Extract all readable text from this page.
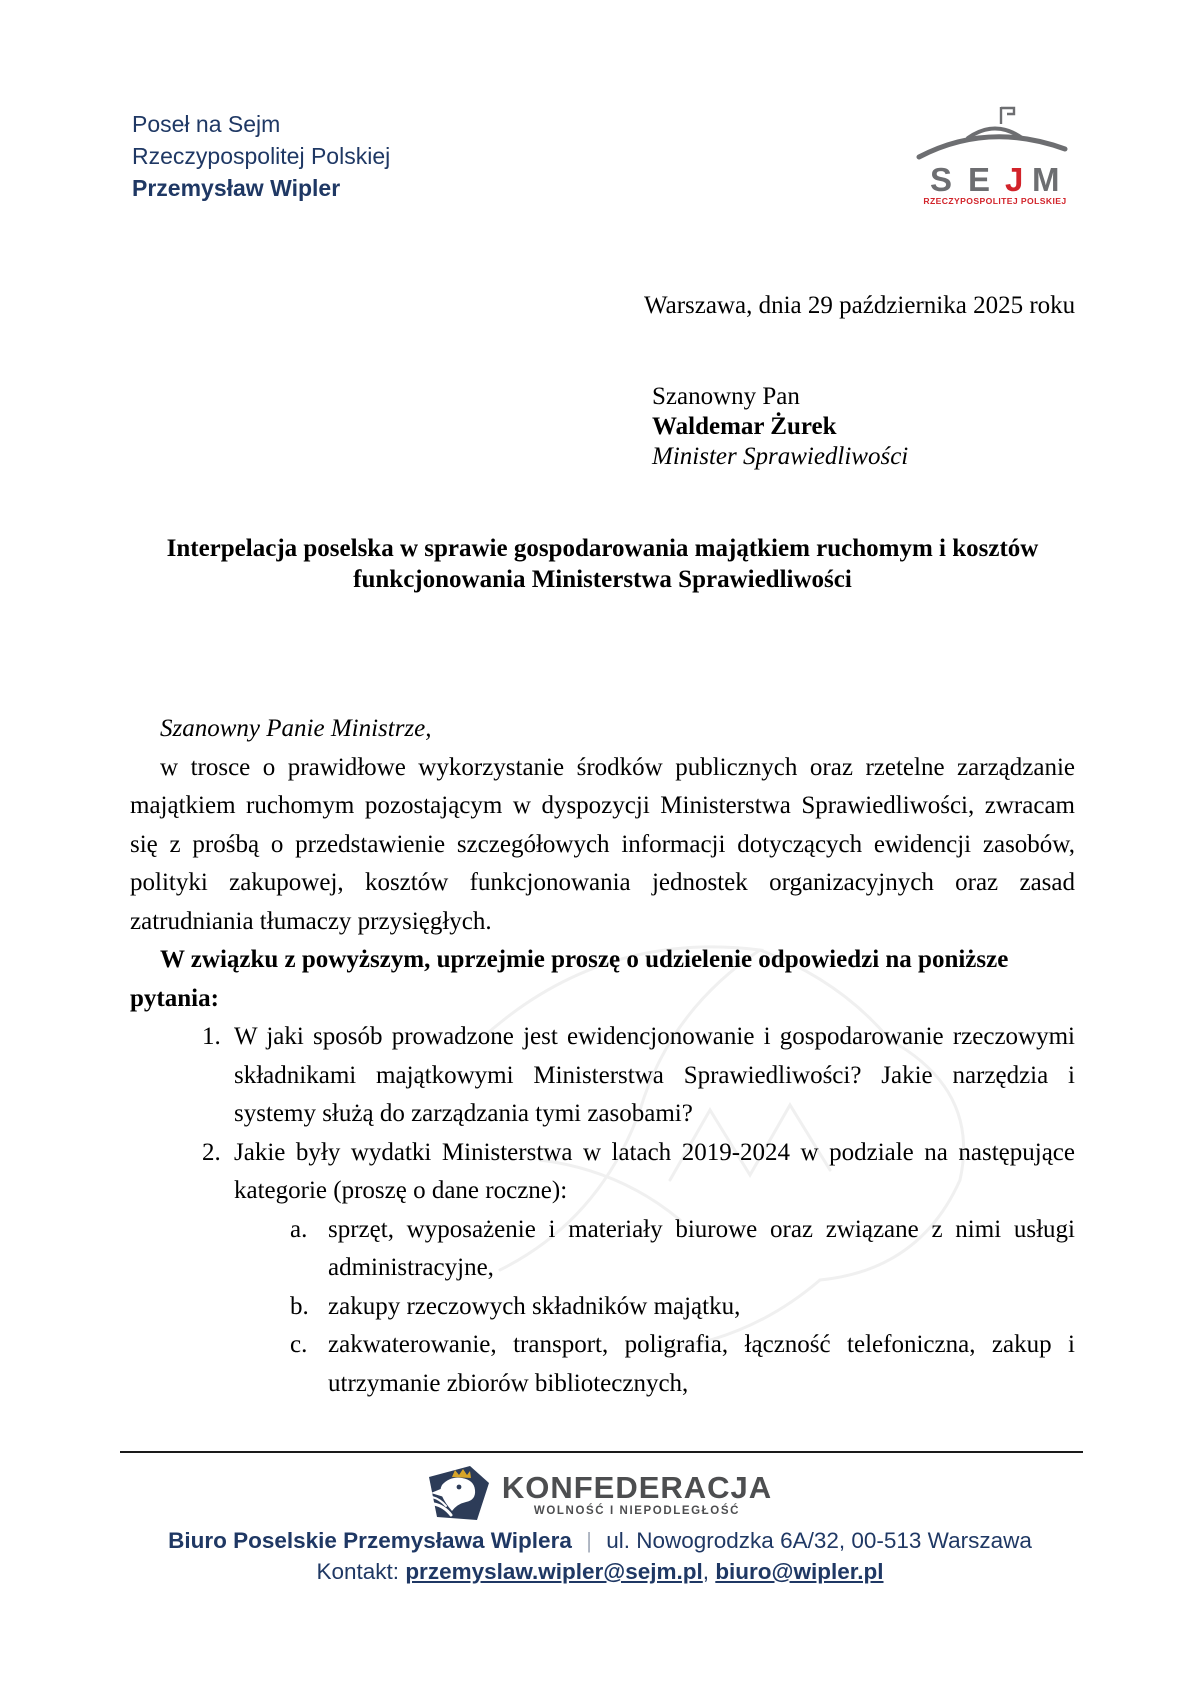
Poseł na Sejm
Rzeczypospolitej Polskiej
Przemysław Wipler	S E J M
RZECZYPOSPOLITEJ POLSKIEJ
Warszawa, dnia 29 października 2025 roku
Szanowny Pan
Waldemar Żurek
Minister Sprawiedliwości
Interpelacja poselska w sprawie gospodarowania majątkiem ruchomym i kosztów
funkcjonowania Ministerstwa Sprawiedliwości

Szanowny Panie Ministrze,

w trosce o prawidłowe wykorzystanie środków publicznych oraz rzetelne zarządzanie majątkiem ruchomym pozostającym w dyspozycji Ministerstwa Sprawiedliwości, zwracam się z prośbą o przedstawienie szczegółowych informacji dotyczących ewidencji zasobów, polityki zakupowej, kosztów funkcjonowania jednostek organizacyjnych oraz zasad zatrudniania tłumaczy przysięgłych.

W związku z powyższym, uprzejmie proszę o udzielenie odpowiedzi na poniższe pytania:

1. W jaki sposób prowadzone jest ewidencjonowanie i gospodarowanie rzeczowymi składnikami majątkowymi Ministerstwa Sprawiedliwości? Jakie narzędzia i systemy służą do zarządzania tymi zasobami?
2. Jakie były wydatki Ministerstwa w latach 2019-2024 w podziale na następujące kategorie (proszę o dane roczne):
a. sprzęt, wyposażenie i materiały biurowe oraz związane z nimi usługi administracyjne,
b. zakupy rzeczowych składników majątku,
c. zakwaterowanie, transport, poligrafia, łączność telefoniczna, zakup i utrzymanie zbiorów bibliotecznych,
KONFEDERACJA
WOLNOŚĆ I NIEPODLEGŁOŚĆ
Biuro Poselskie Przemysława Wiplera | ul. Nowogrodzka 6A/32, 00-513 Warszawa
Kontakt: przemyslaw.wipler@sejm.pl, biuro@wipler.pl
